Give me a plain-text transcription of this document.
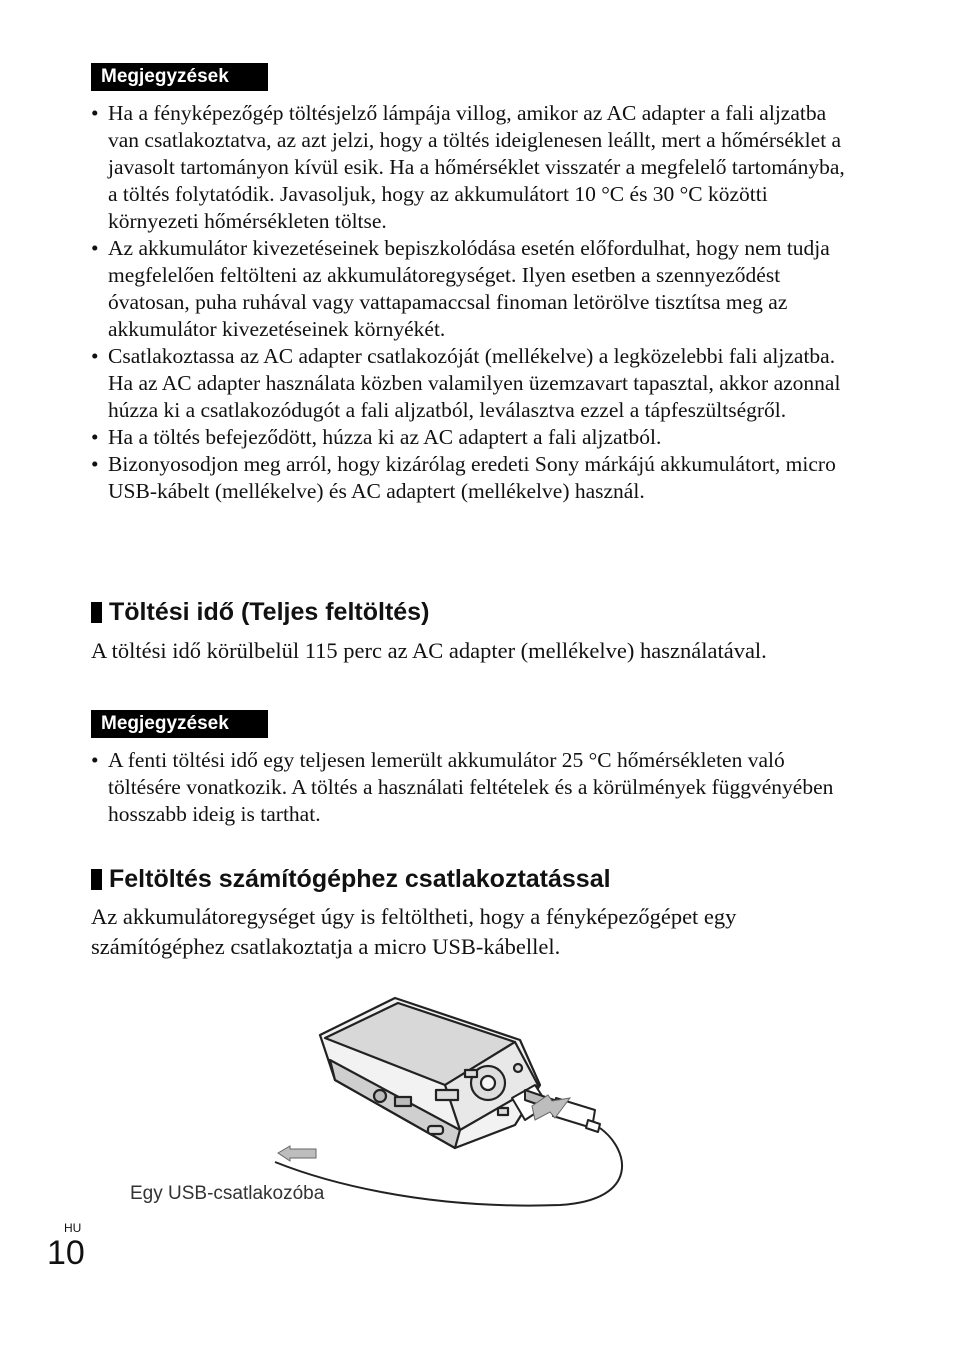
Megjegyzések
• Ha a fényképezőgép töltésjelző lámpája villog, amikor az AC adapter a fali aljzatba van csatlakoztatva, az azt jelzi, hogy a töltés ideiglenesen leállt, mert a hőmérséklet a javasolt tartományon kívül esik. Ha a hőmérséklet visszatér a megfelelő tartományba, a töltés folytatódik. Javasoljuk, hogy az akkumulátort 10 °C és 30 °C közötti környezeti hőmérsékleten töltse.
• Az akkumulátor kivezetéseinek bepiszkolódása esetén előfordulhat, hogy nem tudja megfelelően feltölteni az akkumulátoregységet. Ilyen esetben a szennyeződést óvatosan, puha ruhával vagy vattapamaccsal finoman letörölve tisztítsa meg az akkumulátor kivezetéseinek környékét.
• Csatlakoztassa az AC adapter csatlakozóját (mellékelve) a legközelebbi fali aljzatba. Ha az AC adapter használata közben valamilyen üzemzavart tapasztal, akkor azonnal húzza ki a csatlakozódugót a fali aljzatból, leválasztva ezzel a tápfeszültségről.
• Ha a töltés befejeződött, húzza ki az AC adaptert a fali aljzatból.
• Bizonyosodjon meg arról, hogy kizárólag eredeti Sony márkájú akkumulátort, micro USB-kábelt (mellékelve) és AC adaptert (mellékelve) használ.
Töltési idő (Teljes feltöltés)

A töltési idő körülbelül 115 perc az AC adapter (mellékelve) használatával.

Megjegyzések
• A fenti töltési idő egy teljesen lemerült akkumulátor 25 °C hőmérsékleten való töltésére vonatkozik. A töltés a használati feltételek és a körülmények függvényében hosszabb ideig is tarthat.
Feltöltés számítógéphez csatlakoztatással

Az akkumulátoregységet úgy is feltöltheti, hogy a fényképezőgépet egy számítógéphez csatlakoztatja a micro USB-kábellel.

Egy USB-csatlakozóba
HU
10
